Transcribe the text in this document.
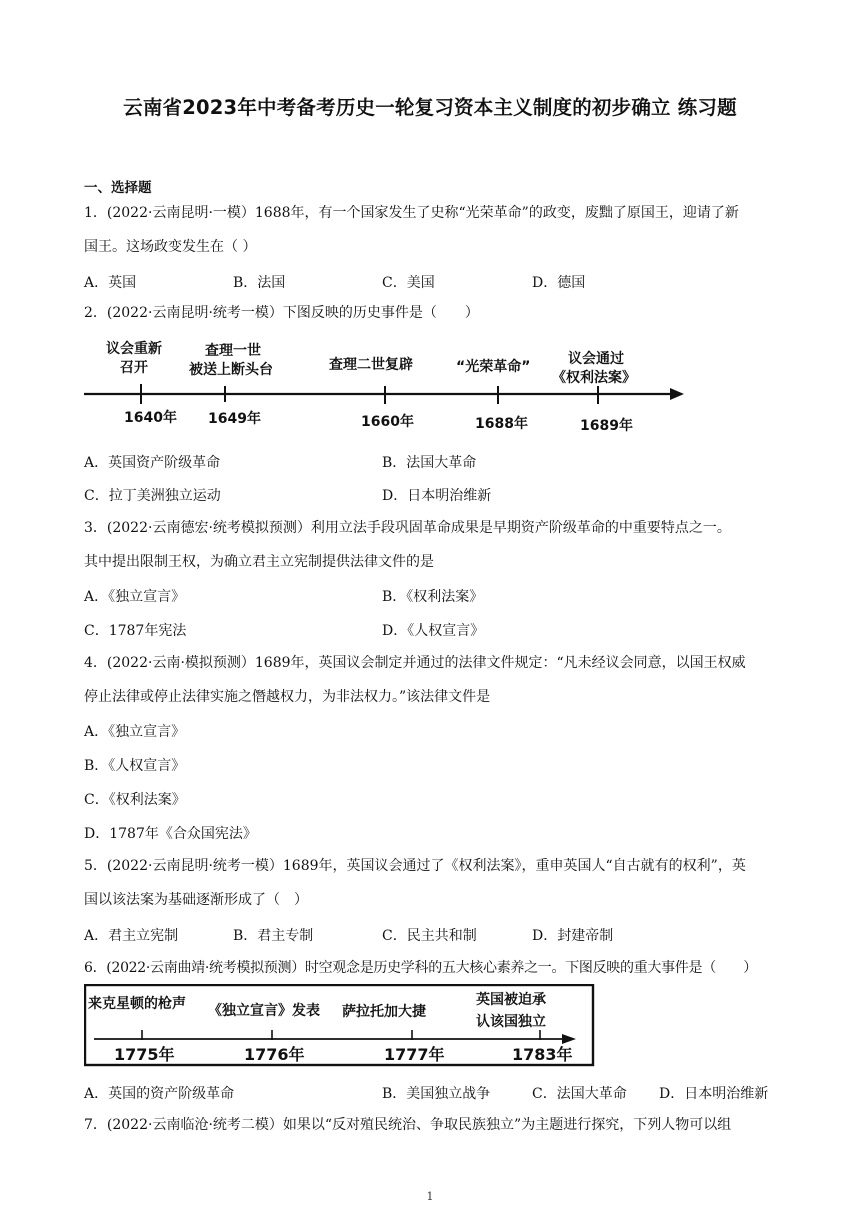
云南省2023年中考备考历史一轮复习资本主义制度的初步确立 练习题
一、选择题
1．(2022·云南昆明·一模）1688年，有一个国家发生了史称“光荣革命”的政变，废黜了原国王，迎请了新
国王。这场政变发生在（ ）
A．英国	B．法国	C．美国	D．德国
2．(2022·云南昆明·统考一模）下图反映的历史事件是（　　）
议会重新
召开
查理一世
被送上断头台	查理二世复辟	“光荣革命”	议会通过
《权利法案》
1640年 1649年	1660年	1688年	1689年
A．英国资产阶级革命	B．法国大革命
C．拉丁美洲独立运动	D．日本明治维新
3．(2022·云南德宏·统考模拟预测）利用立法手段巩固革命成果是早期资产阶级革命的中重要特点之一。
其中提出限制王权，为确立君主立宪制提供法律文件的是
A．《独立宣言》	B．《权利法案》
C．1787年宪法	D．《人权宣言》
4．(2022·云南·模拟预测）1689年，英国议会制定并通过的法律文件规定：“凡未经议会同意，以国王权威
停止法律或停止法律实施之僭越权力，为非法权力。”该法律文件是
A．《独立宣言》
B．《人权宣言》
C．《权利法案》
D．1787年《合众国宪法》
5．(2022·云南昆明·统考一模）1689年，英国议会通过了《权利法案》，重申英国人“自古就有的权利”，英
国以该法案为基础逐渐形成了（　）
A．君主立宪制	B．君主专制	C．民主共和制	D．封建帝制
6．(2022·云南曲靖·统考模拟预测）时空观念是历史学科的五大核心素养之一。下图反映的重大事件是（　　）
来克星顿的枪声 《独立宣言》发表 萨拉托加大捷
英国被迫承
认该国独立
1775年	1776年	1777年	1783年
A．英国的资产阶级革命	B．美国独立战争	C．法国大革命 D．日本明治维新
7．(2022·云南临沧·统考二模）如果以“反对殖民统治、争取民族独立”为主题进行探究，下列人物可以组
1
